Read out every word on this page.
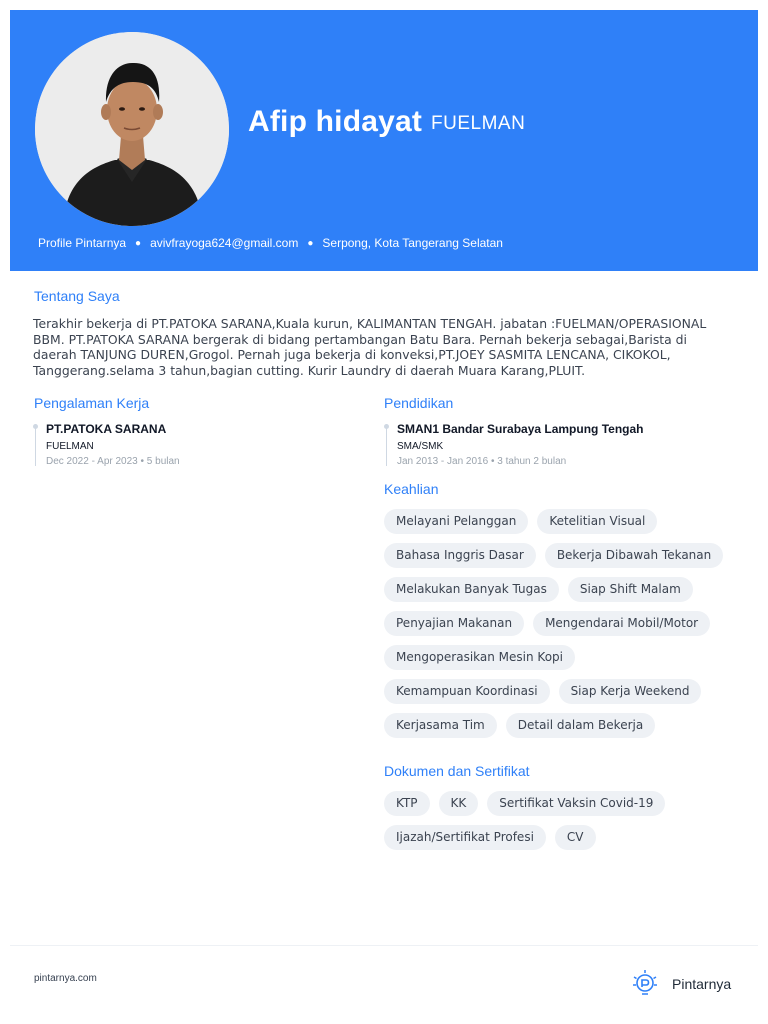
Afip hidayat FUELMAN
Profile Pintarnya ● avivfrayoga624@gmail.com ● Serpong, Kota Tangerang Selatan
Tentang Saya
Terakhir bekerja di PT.PATOKA SARANA,Kuala kurun, KALIMANTAN TENGAH. jabatan :FUELMAN/OPERASIONAL BBM. PT.PATOKA SARANA bergerak di bidang pertambangan Batu Bara. Pernah bekerja sebagai,Barista di daerah TANJUNG DUREN,Grogol. Pernah juga bekerja di konveksi,PT.JOEY SASMITA LENCANA, CIKOKOL, Tanggerang.selama 3 tahun,bagian cutting. Kurir Laundry di daerah Muara Karang,PLUIT.
Pengalaman Kerja
PT.PATOKA SARANA
FUELMAN
Dec 2022 - Apr 2023 • 5 bulan
Pendidikan
SMAN1 Bandar Surabaya Lampung Tengah
SMA/SMK
Jan 2013 - Jan 2016 • 3 tahun 2 bulan
Keahlian
Melayani Pelanggan	Ketelitian Visual
Bahasa Inggris Dasar	Bekerja Dibawah Tekanan
Melakukan Banyak Tugas	Siap Shift Malam
Penyajian Makanan	Mengendarai Mobil/Motor
Mengoperasikan Mesin Kopi
Kemampuan Koordinasi	Siap Kerja Weekend
Kerjasama Tim	Detail dalam Bekerja
Dokumen dan Sertifikat
KTP	KK	Sertifikat Vaksin Covid-19
Ijazah/Sertifikat Profesi	CV
pintarnya.com	Pintarnya
